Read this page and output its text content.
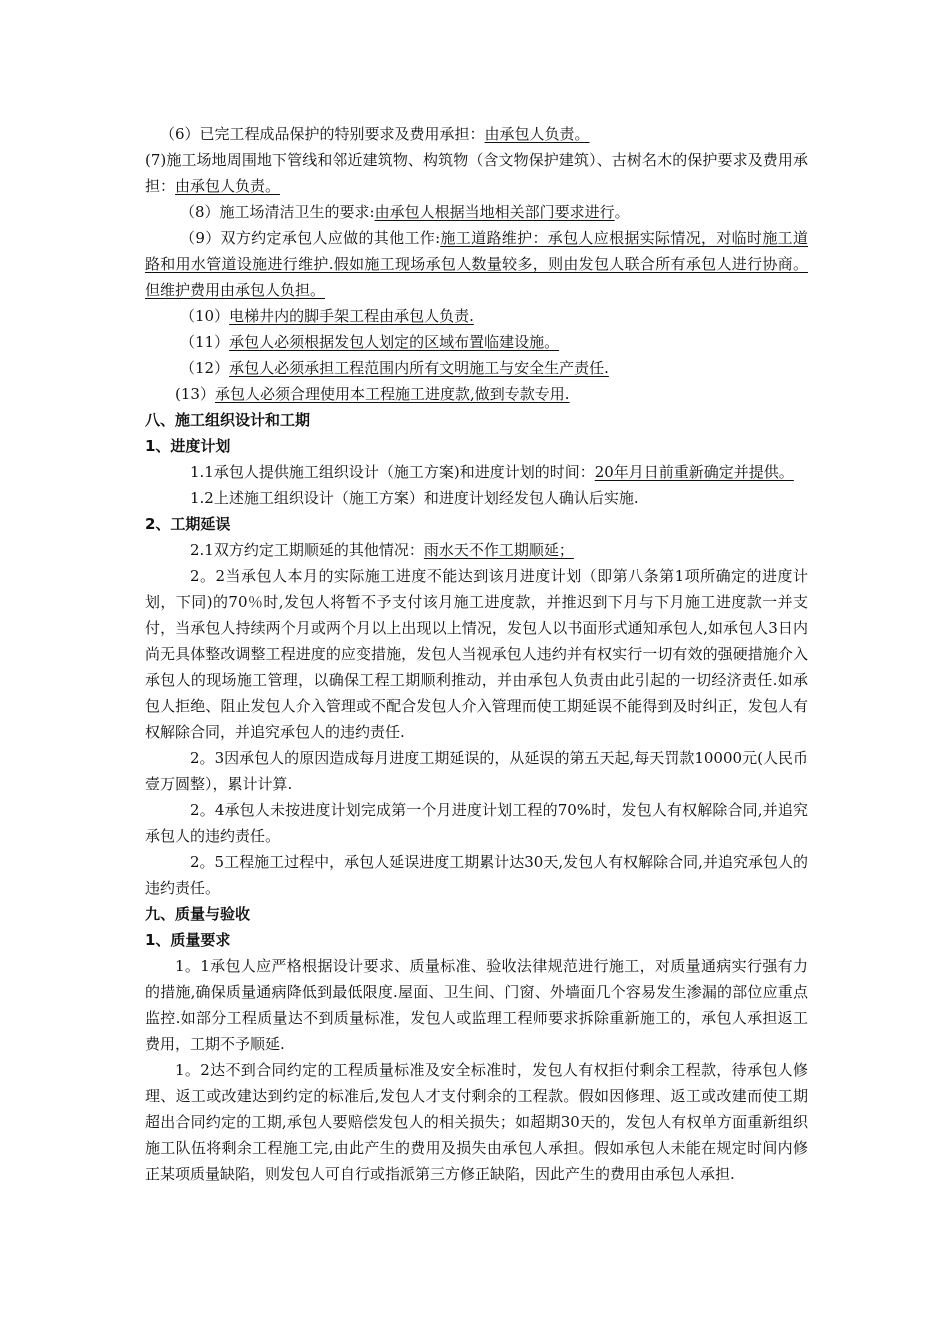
（6）已完工程成品保护的特别要求及费用承担：由承包人负责。

(7)施工场地周围地下管线和邻近建筑物、构筑物（含文物保护建筑）、古树名木的保护要求及费用承担：由承包人负责。

（8）施工场清洁卫生的要求:由承包人根据当地相关部门要求进行。

（9）双方约定承包人应做的其他工作:施工道路维护：承包人应根据实际情况，对临时施工道路和用水管道设施进行维护.假如施工现场承包人数量较多，则由发包人联合所有承包人进行协商。但维护费用由承包人负担。

（10）电梯井内的脚手架工程由承包人负责.

（11）承包人必须根据发包人划定的区域布置临建设施。

（12）承包人必须承担工程范围内所有文明施工与安全生产责任.

(13）承包人必须合理使用本工程施工进度款,做到专款专用.

八、施工组织设计和工期

1、进度计划

1.1承包人提供施工组织设计（施工方案)和进度计划的时间：20年月日前重新确定并提供。

1.2上述施工组织设计（施工方案）和进度计划经发包人确认后实施.

2、工期延误

2.1双方约定工期顺延的其他情况：雨水天不作工期顺延；

2。2当承包人本月的实际施工进度不能达到该月进度计划（即第八条第1项所确定的进度计划，下同)的70％时,发包人将暂不予支付该月施工进度款，并推迟到下月与下月施工进度款一并支付，当承包人持续两个月或两个月以上出现以上情况，发包人以书面形式通知承包人,如承包人3日内尚无具体整改调整工程进度的应变措施，发包人当视承包人违约并有权实行一切有效的强硬措施介入承包人的现场施工管理，以确保工程工期顺利推动，并由承包人负责由此引起的一切经济责任.如承包人拒绝、阻止发包人介入管理或不配合发包人介入管理而使工期延误不能得到及时纠正，发包人有权解除合同，并追究承包人的违约责任.

2。3因承包人的原因造成每月进度工期延误的，从延误的第五天起,每天罚款10000元(人民币壹万圆整），累计计算.

2。4承包人未按进度计划完成第一个月进度计划工程的70%时，发包人有权解除合同,并追究承包人的违约责任。

2。5工程施工过程中，承包人延误进度工期累计达30天,发包人有权解除合同,并追究承包人的违约责任。

九、质量与验收

1、质量要求

1。1承包人应严格根据设计要求、质量标准、验收法律规范进行施工，对质量通病实行强有力的措施,确保质量通病降低到最低限度.屋面、卫生间、门窗、外墙面几个容易发生渗漏的部位应重点监控.如部分工程质量达不到质量标准，发包人或监理工程师要求拆除重新施工的，承包人承担返工费用，工期不予顺延.

1。2达不到合同约定的工程质量标准及安全标准时，发包人有权拒付剩余工程款，待承包人修理、返工或改建达到约定的标准后,发包人才支付剩余的工程款。假如因修理、返工或改建而使工期超出合同约定的工期,承包人要赔偿发包人的相关损失；如超期30天的，发包人有权单方面重新组织施工队伍将剩余工程施工完,由此产生的费用及损失由承包人承担。假如承包人未能在规定时间内修正某项质量缺陷，则发包人可自行或指派第三方修正缺陷，因此产生的费用由承包人承担.
